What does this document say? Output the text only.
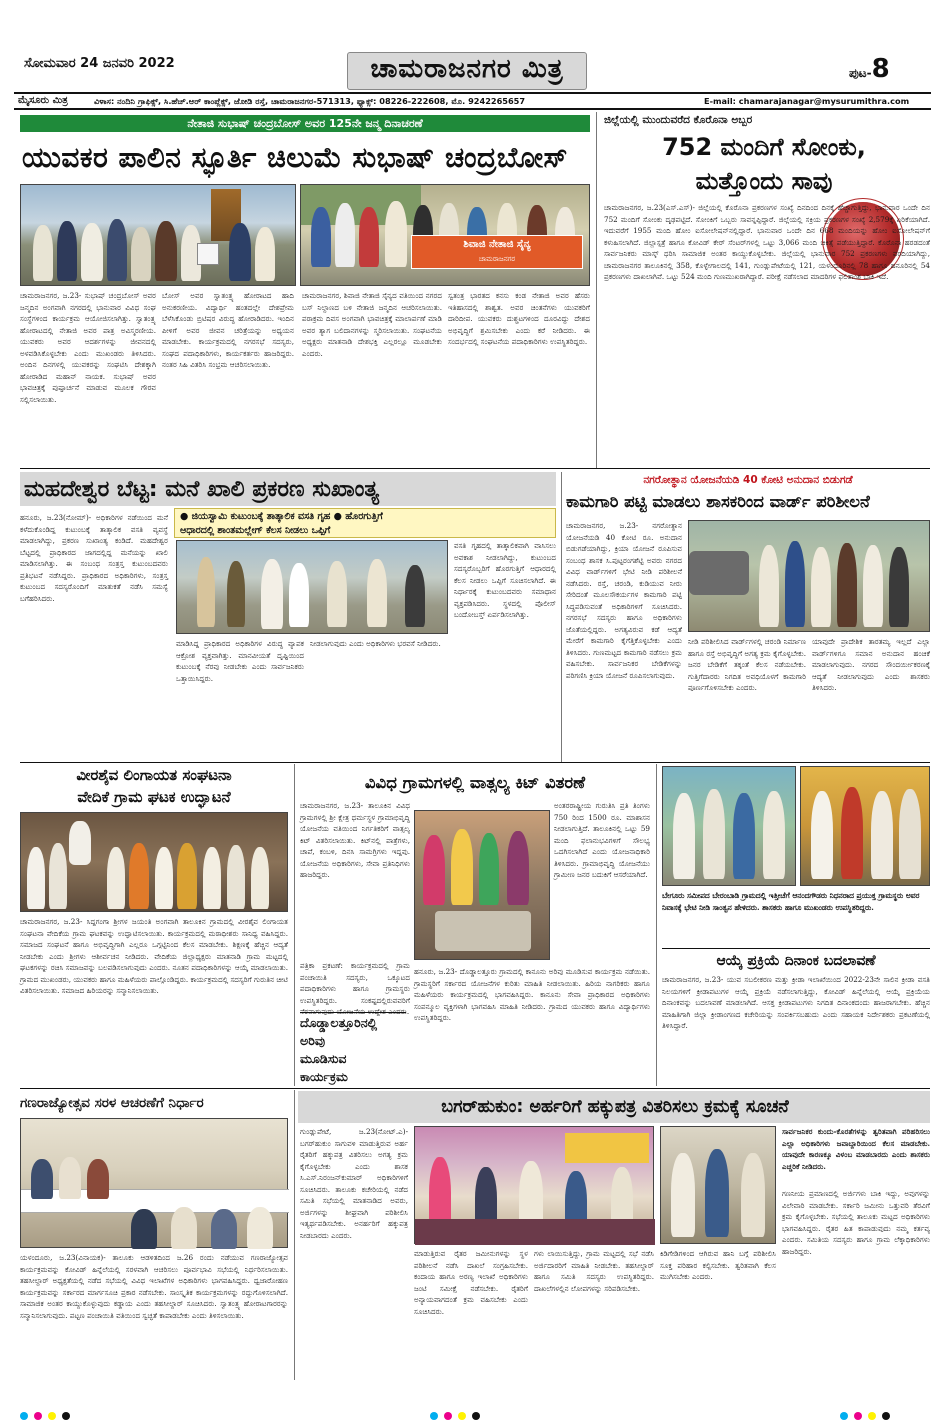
ಸೋಮವಾರ 24 ಜನವರಿ 2022	ಚಾಮರಾಜನಗರ ಮಿತ್ರ	ಪುಟ-8
ಮೈಸೂರು ಮಿತ್ರ	ವಿಳಾಸ: ನಂದಿನಿ ಗ್ರಾಫಿಕ್ಸ್, ಸಿ.ಹೆಚ್.ಆರ್ ಕಾಂಪ್ಲೆಕ್ಸ್, ಜೋಡಿ ರಸ್ತೆ, ಚಾಮರಾಜನಗರ-571313, ಫ್ಯಾಕ್ಸ್: 08226-222608, ಮೊ. 9242265657	E-mail: chamarajanagar@mysurumithra.com
ನೇತಾಜಿ ಸುಭಾಷ್ ಚಂದ್ರಬೋಸ್ ಅವರ 125ನೇ ಜನ್ಮ ದಿನಾಚರಣೆ
ಯುವಕರ ಪಾಲಿನ ಸ್ಫೂರ್ತಿ ಚಿಲುಮೆ ಸುಭಾಷ್ ಚಂದ್ರಬೋಸ್
ಶಿವಾಜಿ ನೇತಾಜಿ ಸೈನ್ಯ
ಚಾಮರಾಜನಗರ
ಚಾಮರಾಜನಗರ, ಜ.23- ಸುಭಾಷ್ ಚಂದ್ರಬೋಸ್ ಅವರ ಜನ್ಮದಿನ ಅಂಗವಾಗಿ ನಗರದಲ್ಲಿ ಭಾನುವಾರ ವಿವಿಧ ಸಂಘ ಸಂಸ್ಥೆಗಳಿಂದ ಕಾರ್ಯಕ್ರಮ ಆಯೋಜಿಸಲಾಗಿತ್ತು. ಸ್ವಾತಂತ್ರ್ಯ ಹೋರಾಟದಲ್ಲಿ ನೇತಾಜಿ ಅವರ ಪಾತ್ರ ಅವಿಸ್ಮರಣೀಯ. ಯುವಕರು ಅವರ ಆದರ್ಶಗಳನ್ನು ಜೀವನದಲ್ಲಿ ಅಳವಡಿಸಿಕೊಳ್ಳಬೇಕು ಎಂದು ಮುಖಂಡರು ತಿಳಿಸಿದರು. ಅಂದಿನ ದಿನಗಳಲ್ಲಿ ಯುವಕರನ್ನು ಸಂಘಟಿಸಿ ದೇಶಕ್ಕಾಗಿ ಹೋರಾಡಿದ ಮಹಾನ್ ನಾಯಕ. ಸುಭಾಷ್ ಅವರ ಭಾವಚಿತ್ರಕ್ಕೆ ಪುಷ್ಪಾರ್ಚನೆ ಮಾಡುವ ಮೂಲಕ ಗೌರವ ಸಲ್ಲಿಸಲಾಯಿತು.
ಬೋಸ್ ಅವರ ಸ್ವಾತಂತ್ರ್ಯ ಹೋರಾಟದ ಹಾದಿ ಅನುಕರಣೀಯ. ವಿದ್ಯಾರ್ಥಿ ಹಂತದಲ್ಲೇ ದೇಶಪ್ರೇಮ ಬೆಳೆಸಿಕೊಂಡು ಬ್ರಿಟಿಷರ ವಿರುದ್ಧ ಹೋರಾಡಿದರು. ಇಂದಿನ ಪೀಳಿಗೆ ಅವರ ಜೀವನ ಚರಿತ್ರೆಯನ್ನು ಅಧ್ಯಯನ ಮಾಡಬೇಕು. ಕಾರ್ಯಕ್ರಮದಲ್ಲಿ ನಗರಸಭೆ ಸದಸ್ಯರು, ಸಂಘದ ಪದಾಧಿಕಾರಿಗಳು, ಕಾರ್ಯಕರ್ತರು ಹಾಜರಿದ್ದರು. ನಂತರ ಸಿಹಿ ವಿತರಿಸಿ ಸಂಭ್ರಮ ಆಚರಿಸಲಾಯಿತು.
ಚಾಮರಾಜನಗರ, ಶಿವಾಜಿ ನೇತಾಜಿ ಸೈನ್ಯದ ವತಿಯಿಂದ ನಗರದ ಬಸ್ ನಿಲ್ದಾಣದ ಬಳಿ ನೇತಾಜಿ ಜನ್ಮದಿನ ಆಚರಿಸಲಾಯಿತು. ಪರಾಕ್ರಮ ದಿವಸ ಅಂಗವಾಗಿ ಭಾವಚಿತ್ರಕ್ಕೆ ಮಾಲಾರ್ಪಣೆ ಮಾಡಿ ಅವರ ತ್ಯಾಗ ಬಲಿದಾನಗಳನ್ನು ಸ್ಮರಿಸಲಾಯಿತು. ಸಂಘಟನೆಯ ಅಧ್ಯಕ್ಷರು ಮಾತನಾಡಿ ದೇಶಭಕ್ತಿ ಎಲ್ಲರಲ್ಲೂ ಮೂಡಬೇಕು ಎಂದರು.
ಸ್ವತಂತ್ರ ಭಾರತದ ಕನಸು ಕಂಡ ನೇತಾಜಿ ಅವರ ಹೆಸರು ಇತಿಹಾಸದಲ್ಲಿ ಶಾಶ್ವತ. ಅವರ ಚಿಂತನೆಗಳು ಯುವಕರಿಗೆ ದಾರಿದೀಪ. ಯುವಕರು ದುಶ್ಚಟಗಳಿಂದ ದೂರವಿದ್ದು ದೇಶದ ಅಭಿವೃದ್ಧಿಗೆ ಶ್ರಮಿಸಬೇಕು ಎಂದು ಕರೆ ನೀಡಿದರು. ಈ ಸಂದರ್ಭದಲ್ಲಿ ಸಂಘಟನೆಯ ಪದಾಧಿಕಾರಿಗಳು ಉಪಸ್ಥಿತರಿದ್ದರು.
ಜಿಲ್ಲೆಯಲ್ಲಿ ಮುಂದುವರೆದ ಕೊರೊನಾ ಅಬ್ಬರ
752 ಮಂದಿಗೆ ಸೋಂಕು,
ಮತ್ತೊಂದು ಸಾವು
ಚಾಮರಾಜನಗರ, ಜ.23(ಎಸ್.ಎಸ್)- ಜಿಲ್ಲೆಯಲ್ಲಿ ಕೊರೊನಾ ಪ್ರಕರಣಗಳ ಸಂಖ್ಯೆ ದಿನದಿಂದ ದಿನಕ್ಕೆ ಹೆಚ್ಚಾಗುತ್ತಿದ್ದು, ಭಾನುವಾರ ಒಂದೇ ದಿನ 752 ಮಂದಿಗೆ ಸೋಂಕು ದೃಢಪಟ್ಟಿದೆ. ಸೋಂಕಿಗೆ ಒಬ್ಬರು ಸಾವನ್ನಪ್ಪಿದ್ದಾರೆ. ಜಿಲ್ಲೆಯಲ್ಲಿ ಸಕ್ರಿಯ ಪ್ರಕರಣಗಳ ಸಂಖ್ಯೆ 2,579ಕ್ಕೆ ಏರಿಕೆಯಾಗಿದೆ. ಇದುವರೆಗೆ 1955 ಮಂದಿ ಹೋಂ ಐಸೋಲೇಷನ್‌ನಲ್ಲಿದ್ದಾರೆ. ಭಾನುವಾರ ಒಂದೇ ದಿನ 668 ಮಂದಿಯನ್ನು ಹೋಂ ಐಸೋಲೇಷನ್‌ಗೆ ಕಳುಹಿಸಲಾಗಿದೆ. ಜಿಲ್ಲಾಸ್ಪತ್ರೆ ಹಾಗೂ ಕೋವಿಡ್ ಕೇರ್ ಸೆಂಟರ್‌ಗಳಲ್ಲಿ ಒಟ್ಟು 3,066 ಮಂದಿ ಚಿಕಿತ್ಸೆ ಪಡೆಯುತ್ತಿದ್ದಾರೆ. ಕೊರೊನಾ ಹರಡದಂತೆ ಸಾರ್ವಜನಿಕರು ಮಾಸ್ಕ್ ಧರಿಸಿ ಸಾಮಾಜಿಕ ಅಂತರ ಕಾಯ್ದುಕೊಳ್ಳಬೇಕು. ಜಿಲ್ಲೆಯಲ್ಲಿ ಭಾನುವಾರ 752 ಪ್ರಕರಣಗಳು ವರದಿಯಾಗಿದ್ದು, ಚಾಮರಾಜನಗರ ತಾಲೂಕಿನಲ್ಲಿ 358, ಕೊಳ್ಳೇಗಾಲದಲ್ಲಿ 141, ಗುಂಡ್ಲುಪೇಟೆಯಲ್ಲಿ 121, ಯಳಂದೂರಿನಲ್ಲಿ 78 ಹಾಗೂ ಹನೂರಿನಲ್ಲಿ 54 ಪ್ರಕರಣಗಳು ದಾಖಲಾಗಿವೆ. ಒಟ್ಟು 524 ಮಂದಿ ಗುಣಮುಖರಾಗಿದ್ದಾರೆ. ಪರೀಕ್ಷೆ ನಡೆಸಲಾದ ಮಾದರಿಗಳ ಫಲಿತಾಂಶ ಬಾಕಿ ಇದೆ.
ಮಹದೇಶ್ವರ ಬೆಟ್ಟ: ಮನೆ ಖಾಲಿ ಪ್ರಕರಣ ಸುಖಾಂತ್ಯ
● ಜಿಯಸ್ವಾಮಿ ಕುಟುಂಬಕ್ಕೆ ತಾತ್ಕಾಲಿಕ ವಸತಿ ಗೃಹ ● ಹೊರಗುತ್ತಿಗೆ
ಆಧಾರದಲ್ಲಿ ಶಾಂತಮಲ್ಲೇಗ್ ಕೆಲಸ ನೀಡಲು ಒಪ್ಪಿಗೆ
ಹನೂರು, ಜ.23(ನೋಮ್)- ಅಧಿಕಾರಿಗಳ ನಡೆಯಿಂದ ಮನೆ ಕಳೆದುಕೊಂಡಿದ್ದ ಕುಟುಂಬಕ್ಕೆ ತಾತ್ಕಾಲಿಕ ವಸತಿ ವ್ಯವಸ್ಥೆ ಮಾಡಲಾಗಿದ್ದು, ಪ್ರಕರಣ ಸುಖಾಂತ್ಯ ಕಂಡಿದೆ. ಮಹದೇಶ್ವರ ಬೆಟ್ಟದಲ್ಲಿ ಪ್ರಾಧಿಕಾರದ ಜಾಗದಲ್ಲಿದ್ದ ಮನೆಯನ್ನು ಖಾಲಿ ಮಾಡಿಸಲಾಗಿತ್ತು. ಈ ಸಂಬಂಧ ಸಂತ್ರಸ್ತ ಕುಟುಂಬದವರು ಪ್ರತಿಭಟನೆ ನಡೆಸಿದ್ದರು. ಪ್ರಾಧಿಕಾರದ ಅಧಿಕಾರಿಗಳು, ಸಂತ್ರಸ್ತ ಕುಟುಂಬದ ಸದಸ್ಯರೊಂದಿಗೆ ಮಾತುಕತೆ ನಡೆಸಿ ಸಮಸ್ಯೆ ಬಗೆಹರಿಸಿದರು.
ಮಾಡಿಸಿದ್ದ ಪ್ರಾಧಿಕಾರದ ಅಧಿಕಾರಿಗಳ ವಿರುದ್ಧ ವ್ಯಾಪಕ ಆಕ್ರೋಶ ವ್ಯಕ್ತವಾಗಿತ್ತು. ಮಾನವೀಯತೆ ದೃಷ್ಟಿಯಿಂದ ಕುಟುಂಬಕ್ಕೆ ನೆರವು ನೀಡಬೇಕು ಎಂದು ಸಾರ್ವಜನಿಕರು ಒತ್ತಾಯಿಸಿದ್ದರು.
ನೀಡಲಾಗುವುದು ಎಂದು ಅಧಿಕಾರಿಗಳು ಭರವಸೆ ನೀಡಿದರು.
ವಸತಿ ಗೃಹದಲ್ಲಿ ತಾತ್ಕಾಲಿಕವಾಗಿ ವಾಸಿಸಲು ಅವಕಾಶ ನೀಡಲಾಗಿದ್ದು, ಕುಟುಂಬದ ಸದಸ್ಯರೊಬ್ಬರಿಗೆ ಹೊರಗುತ್ತಿಗೆ ಆಧಾರದಲ್ಲಿ ಕೆಲಸ ನೀಡಲು ಒಪ್ಪಿಗೆ ಸೂಚಿಸಲಾಗಿದೆ. ಈ ನಿರ್ಧಾರಕ್ಕೆ ಕುಟುಂಬದವರು ಸಮಾಧಾನ ವ್ಯಕ್ತಪಡಿಸಿದರು. ಸ್ಥಳದಲ್ಲಿ ಪೊಲೀಸ್ ಬಂದೋಬಸ್ತ್ ಏರ್ಪಡಿಸಲಾಗಿತ್ತು.
ನಗರೋತ್ಥಾನ ಯೋಜನೆಯಡಿ 40 ಕೋಟಿ ಅನುದಾನ ಬಿಡುಗಡೆ
ಕಾಮಗಾರಿ ಪಟ್ಟಿ ಮಾಡಲು ಶಾಸಕರಿಂದ ವಾರ್ಡ್ ಪರಿಶೀಲನೆ
ಚಾಮರಾಜನಗರ, ಜ.23- ನಗರೋತ್ಥಾನ ಯೋಜನೆಯಡಿ 40 ಕೋಟಿ ರೂ. ಅನುದಾನ ಬಿಡುಗಡೆಯಾಗಿದ್ದು, ಕ್ರಿಯಾ ಯೋಜನೆ ರೂಪಿಸುವ ಸಂಬಂಧ ಶಾಸಕ ಸಿ.ಪುಟ್ಟರಂಗಶೆಟ್ಟಿ ಅವರು ನಗರದ ವಿವಿಧ ವಾರ್ಡ್‌ಗಳಿಗೆ ಭೇಟಿ ನೀಡಿ ಪರಿಶೀಲನೆ ನಡೆಸಿದರು. ರಸ್ತೆ, ಚರಂಡಿ, ಕುಡಿಯುವ ನೀರು ಸೇರಿದಂತೆ ಮೂಲಸೌಕರ್ಯಗಳ ಕಾಮಗಾರಿ ಪಟ್ಟಿ ಸಿದ್ಧಪಡಿಸುವಂತೆ ಅಧಿಕಾರಿಗಳಿಗೆ ಸೂಚಿಸಿದರು. ನಗರಸಭೆ ಸದಸ್ಯರು ಹಾಗೂ ಅಧಿಕಾರಿಗಳು ಜೊತೆಯಲ್ಲಿದ್ದರು. ಅಗತ್ಯವಿರುವ ಕಡೆ ಆದ್ಯತೆ ಮೇರೆಗೆ ಕಾಮಗಾರಿ ಕೈಗೆತ್ತಿಕೊಳ್ಳಬೇಕು ಎಂದು ತಿಳಿಸಿದರು. ಗುಣಮಟ್ಟದ ಕಾಮಗಾರಿ ನಡೆಸಲು ಕ್ರಮ ವಹಿಸಬೇಕು. ಸಾರ್ವಜನಿಕರ ಬೇಡಿಕೆಗಳನ್ನು ಪರಿಗಣಿಸಿ ಕ್ರಿಯಾ ಯೋಜನೆ ರೂಪಿಸಲಾಗುವುದು.
ನೀಡಿ ಪರಿಶೀಲಿಸಿದ ವಾರ್ಡ್‌ಗಳಲ್ಲಿ ಚರಂಡಿ ನಿರ್ಮಾಣ ಹಾಗೂ ರಸ್ತೆ ಅಭಿವೃದ್ಧಿಗೆ ಅಗತ್ಯ ಕ್ರಮ ಕೈಗೊಳ್ಳಬೇಕು. ಜನರ ಬೇಡಿಕೆಗೆ ತಕ್ಕಂತೆ ಕೆಲಸ ನಡೆಯಬೇಕು. ಗುತ್ತಿಗೆದಾರರು ನಿಗದಿತ ಅವಧಿಯೊಳಗೆ ಕಾಮಗಾರಿ ಪೂರ್ಣಗೊಳಿಸಬೇಕು ಎಂದರು.
ಯಾವುದೇ ಪ್ರಾದೇಶಿಕ ತಾರತಮ್ಯ ಇಲ್ಲದೆ ಎಲ್ಲಾ ವಾರ್ಡ್‌ಗಳಿಗೂ ಸಮಾನ ಅನುದಾನ ಹಂಚಿಕೆ ಮಾಡಲಾಗುವುದು. ನಗರದ ಸೌಂದರ್ಯೀಕರಣಕ್ಕೆ ಆದ್ಯತೆ ನೀಡಲಾಗುವುದು ಎಂದು ಶಾಸಕರು ತಿಳಿಸಿದರು.
ವೀರಶೈವ ಲಿಂಗಾಯತ ಸಂಘಟನಾ
ವೇದಿಕೆ ಗ್ರಾಮ ಘಟಕ ಉದ್ಘಾಟನೆ
ಚಾಮರಾಜನಗರ, ಜ.23- ಸಿದ್ದಗಂಗಾ ಶ್ರೀಗಳ ಜಯಂತಿ ಅಂಗವಾಗಿ ತಾಲೂಕಿನ ಗ್ರಾಮದಲ್ಲಿ ವೀರಶೈವ ಲಿಂಗಾಯತ ಸಂಘಟನಾ ವೇದಿಕೆಯ ಗ್ರಾಮ ಘಟಕವನ್ನು ಉದ್ಘಾಟಿಸಲಾಯಿತು. ಕಾರ್ಯಕ್ರಮದಲ್ಲಿ ಮಠಾಧೀಶರು ಸಾನಿಧ್ಯ ವಹಿಸಿದ್ದರು. ಸಮಾಜದ ಸಂಘಟನೆ ಹಾಗೂ ಅಭಿವೃದ್ಧಿಗಾಗಿ ಎಲ್ಲರೂ ಒಗ್ಗಟ್ಟಿನಿಂದ ಕೆಲಸ ಮಾಡಬೇಕು. ಶಿಕ್ಷಣಕ್ಕೆ ಹೆಚ್ಚಿನ ಆದ್ಯತೆ ನೀಡಬೇಕು ಎಂದು ಶ್ರೀಗಳು ಆಶೀರ್ವಚನ ನೀಡಿದರು. ವೇದಿಕೆಯ ಜಿಲ್ಲಾಧ್ಯಕ್ಷರು ಮಾತನಾಡಿ ಗ್ರಾಮ ಮಟ್ಟದಲ್ಲಿ ಘಟಕಗಳನ್ನು ರಚಿಸಿ ಸಮಾಜವನ್ನು ಬಲಪಡಿಸಲಾಗುವುದು ಎಂದರು. ನೂತನ ಪದಾಧಿಕಾರಿಗಳನ್ನು ಆಯ್ಕೆ ಮಾಡಲಾಯಿತು. ಗ್ರಾಮದ ಮುಖಂಡರು, ಯುವಕರು ಹಾಗೂ ಮಹಿಳೆಯರು ಪಾಲ್ಗೊಂಡಿದ್ದರು. ಕಾರ್ಯಕ್ರಮದಲ್ಲಿ ಸದಸ್ಯರಿಗೆ ಗುರುತಿನ ಚೀಟಿ ವಿತರಿಸಲಾಯಿತು. ಸಮಾಜದ ಹಿರಿಯರನ್ನು ಸನ್ಮಾನಿಸಲಾಯಿತು.
ವಿವಿಧ ಗ್ರಾಮಗಳಲ್ಲಿ ವಾತ್ಸಲ್ಯ ಕಿಟ್ ವಿತರಣೆ
ಚಾಮರಾಜನಗರ, ಜ.23- ತಾಲೂಕಿನ ವಿವಿಧ ಗ್ರಾಮಗಳಲ್ಲಿ ಶ್ರೀ ಕ್ಷೇತ್ರ ಧರ್ಮಸ್ಥಳ ಗ್ರಾಮಾಭಿವೃದ್ಧಿ ಯೋಜನೆಯ ವತಿಯಿಂದ ನಿರ್ಗತಿಕರಿಗೆ ವಾತ್ಸಲ್ಯ ಕಿಟ್ ವಿತರಿಸಲಾಯಿತು. ಕಿಟ್‌ನಲ್ಲಿ ಪಾತ್ರೆಗಳು, ಚಾಪೆ, ಕಂಬಳಿ, ದಿನಸಿ ಸಾಮಗ್ರಿಗಳು ಇದ್ದವು. ಯೋಜನೆಯ ಅಧಿಕಾರಿಗಳು, ಸೇವಾ ಪ್ರತಿನಿಧಿಗಳು ಹಾಜರಿದ್ದರು.
ಅಂತರರಾಷ್ಟ್ರೀಯ ಗುರುತಿಸಿ ಪ್ರತಿ ತಿಂಗಳು 750 ರಿಂದ 1500 ರೂ. ಮಾಶಾಸನ ನೀಡಲಾಗುತ್ತಿದೆ. ತಾಲೂಕಿನಲ್ಲಿ ಒಟ್ಟು 59 ಮಂದಿ ಫಲಾನುಭವಿಗಳಿಗೆ ಸೌಲಭ್ಯ ಒದಗಿಸಲಾಗಿದೆ ಎಂದು ಯೋಜನಾಧಿಕಾರಿ ತಿಳಿಸಿದರು. ಗ್ರಾಮಾಭಿವೃದ್ಧಿ ಯೋಜನೆಯು ಗ್ರಾಮೀಣ ಜನರ ಬದುಕಿಗೆ ಆಸರೆಯಾಗಿದೆ.
ಪತ್ರಿಕಾ ಪ್ರಕಟಣೆ: ಕಾರ್ಯಕ್ರಮದಲ್ಲಿ ಗ್ರಾಮ ಪಂಚಾಯಿತಿ ಸದಸ್ಯರು, ಒಕ್ಕೂಟದ ಪದಾಧಿಕಾರಿಗಳು ಹಾಗೂ ಗ್ರಾಮಸ್ಥರು ಉಪಸ್ಥಿತರಿದ್ದರು. ಸಂಕಷ್ಟದಲ್ಲಿರುವವರಿಗೆ ನೆರವಾಗುವುದು ಯೋಜನೆಯ ಉದ್ದೇಶ ಎಂದರು.
ದೊಡ್ಡಾಲತ್ತೂರಿನಲ್ಲಿ
ಅರಿವು
ಮೂಡಿಸುವ
ಕಾರ್ಯಕ್ರಮ
ಹನೂರು, ಜ.23- ದೊಡ್ಡಾಲತ್ತೂರು ಗ್ರಾಮದಲ್ಲಿ ಕಾನೂನು ಅರಿವು ಮೂಡಿಸುವ ಕಾರ್ಯಕ್ರಮ ನಡೆಯಿತು. ಗ್ರಾಮಸ್ಥರಿಗೆ ಸರ್ಕಾರದ ಯೋಜನೆಗಳ ಕುರಿತು ಮಾಹಿತಿ ನೀಡಲಾಯಿತು. ಹಿರಿಯ ನಾಗರಿಕರು ಹಾಗೂ ಮಹಿಳೆಯರು ಕಾರ್ಯಕ್ರಮದಲ್ಲಿ ಭಾಗವಹಿಸಿದ್ದರು. ಕಾನೂನು ಸೇವಾ ಪ್ರಾಧಿಕಾರದ ಅಧಿಕಾರಿಗಳು ಸಂಪನ್ಮೂಲ ವ್ಯಕ್ತಿಗಳಾಗಿ ಭಾಗವಹಿಸಿ ಮಾಹಿತಿ ನೀಡಿದರು. ಗ್ರಾಮದ ಯುವಕರು ಹಾಗೂ ವಿದ್ಯಾರ್ಥಿಗಳು ಉಪಸ್ಥಿತರಿದ್ದರು.
ಬೇಗೂರು ಸಮೀಪದ ಬೇರಂಬಾಡಿ ಗ್ರಾಮದಲ್ಲಿ ಇತ್ತೀಚೆಗೆ ಆನಂದಗೌಡರು ನಿಧನರಾದ ಪ್ರಯುಕ್ತ ಗ್ರಾಮಸ್ಥರು ಅವರ ನಿವಾಸಕ್ಕೆ ಭೇಟಿ ನೀಡಿ ಸಾಂತ್ವನ ಹೇಳಿದರು. ಶಾಸಕರು ಹಾಗೂ ಮುಖಂಡರು ಉಪಸ್ಥಿತರಿದ್ದರು.
ಆಯ್ಕೆ ಪ್ರಕ್ರಿಯೆ ದಿನಾಂಕ ಬದಲಾವಣೆ
ಚಾಮರಾಜನಗರ, ಜ.23- ಯುವ ಸಬಲೀಕರಣ ಮತ್ತು ಕ್ರೀಡಾ ಇಲಾಖೆಯಿಂದ 2022-23ನೇ ಸಾಲಿನ ಕ್ರೀಡಾ ವಸತಿ ನಿಲಯಗಳಿಗೆ ಕ್ರೀಡಾಪಟುಗಳ ಆಯ್ಕೆ ಪ್ರಕ್ರಿಯೆ ನಡೆಸಲಾಗುತ್ತಿದ್ದು, ಕೋವಿಡ್ ಹಿನ್ನೆಲೆಯಲ್ಲಿ ಆಯ್ಕೆ ಪ್ರಕ್ರಿಯೆಯ ದಿನಾಂಕವನ್ನು ಬದಲಾವಣೆ ಮಾಡಲಾಗಿದೆ. ಆಸಕ್ತ ಕ್ರೀಡಾಪಟುಗಳು ನಿಗದಿತ ದಿನಾಂಕದಂದು ಹಾಜರಾಗಬೇಕು. ಹೆಚ್ಚಿನ ಮಾಹಿತಿಗಾಗಿ ಜಿಲ್ಲಾ ಕ್ರೀಡಾಂಗಣದ ಕಚೇರಿಯನ್ನು ಸಂಪರ್ಕಿಸಬಹುದು ಎಂದು ಸಹಾಯಕ ನಿರ್ದೇಶಕರು ಪ್ರಕಟಣೆಯಲ್ಲಿ ತಿಳಿಸಿದ್ದಾರೆ.
ಗಣರಾಜ್ಯೋತ್ಸವ ಸರಳ ಆಚರಣೆಗೆ ನಿರ್ಧಾರ
ಯಳಂದೂರು, ಜ.23(ವಿನಾಯಕ)- ತಾಲೂಕು ಆಡಳಿತದಿಂದ ಜ.26 ರಂದು ನಡೆಯುವ ಗಣರಾಜ್ಯೋತ್ಸವ ಕಾರ್ಯಕ್ರಮವನ್ನು ಕೋವಿಡ್ ಹಿನ್ನೆಲೆಯಲ್ಲಿ ಸರಳವಾಗಿ ಆಚರಿಸಲು ಪೂರ್ವಭಾವಿ ಸಭೆಯಲ್ಲಿ ನಿರ್ಧರಿಸಲಾಯಿತು. ತಹಸೀಲ್ದಾರ್ ಅಧ್ಯಕ್ಷತೆಯಲ್ಲಿ ನಡೆದ ಸಭೆಯಲ್ಲಿ ವಿವಿಧ ಇಲಾಖೆಗಳ ಅಧಿಕಾರಿಗಳು ಭಾಗವಹಿಸಿದ್ದರು. ಧ್ವಜಾರೋಹಣ ಕಾರ್ಯಕ್ರಮವನ್ನು ಸರ್ಕಾರದ ಮಾರ್ಗಸೂಚಿ ಪ್ರಕಾರ ನಡೆಸಬೇಕು. ಸಾಂಸ್ಕೃತಿಕ ಕಾರ್ಯಕ್ರಮಗಳನ್ನು ರದ್ದುಗೊಳಿಸಲಾಗಿದೆ. ಸಾಮಾಜಿಕ ಅಂತರ ಕಾಯ್ದುಕೊಳ್ಳುವುದು ಕಡ್ಡಾಯ ಎಂದು ತಹಸೀಲ್ದಾರ್ ಸೂಚಿಸಿದರು. ಸ್ವಾತಂತ್ರ್ಯ ಹೋರಾಟಗಾರರನ್ನು ಸನ್ಮಾನಿಸಲಾಗುವುದು. ಪಟ್ಟಣ ಪಂಚಾಯಿತಿ ವತಿಯಿಂದ ಸ್ವಚ್ಛತೆ ಕಾಪಾಡಬೇಕು ಎಂದು ತಿಳಿಸಲಾಯಿತು.
ಬಗರ್‌ಹುಕುಂ: ಅರ್ಹರಿಗೆ ಹಕ್ಕುಪತ್ರ ವಿತರಿಸಲು ಕ್ರಮಕ್ಕೆ ಸೂಚನೆ
ಗುಂಡ್ಲುಪೇಟೆ, ಜ.23(ನೋಟ್.ಎ)- ಬಗರ್‌ಹುಕುಂ ಸಾಗುವಳಿ ಮಾಡುತ್ತಿರುವ ಅರ್ಹ ರೈತರಿಗೆ ಹಕ್ಕುಪತ್ರ ವಿತರಿಸಲು ಅಗತ್ಯ ಕ್ರಮ ಕೈಗೊಳ್ಳಬೇಕು ಎಂದು ಶಾಸಕ ಸಿ.ಎಸ್.ನಿರಂಜನ್‌ಕುಮಾರ್ ಅಧಿಕಾರಿಗಳಿಗೆ ಸೂಚಿಸಿದರು. ತಾಲೂಕು ಕಚೇರಿಯಲ್ಲಿ ನಡೆದ ಸಮಿತಿ ಸಭೆಯಲ್ಲಿ ಮಾತನಾಡಿದ ಅವರು, ಅರ್ಜಿಗಳನ್ನು ಶೀಘ್ರವಾಗಿ ಪರಿಶೀಲಿಸಿ ಇತ್ಯರ್ಥಪಡಿಸಬೇಕು. ಅನರ್ಹರಿಗೆ ಹಕ್ಕುಪತ್ರ ನೀಡಬಾರದು ಎಂದರು.
ಮಾಡುತ್ತಿರುವ ರೈತರ ಜಮೀನುಗಳನ್ನು ಸ್ಥಳ ಪರಿಶೀಲನೆ ನಡೆಸಿ ದಾಖಲೆ ಸಂಗ್ರಹಿಸಬೇಕು. ಕಂದಾಯ ಹಾಗೂ ಅರಣ್ಯ ಇಲಾಖೆ ಅಧಿಕಾರಿಗಳು ಜಂಟಿ ಸಮೀಕ್ಷೆ ನಡೆಸಬೇಕು. ರೈತರಿಗೆ ಅನ್ಯಾಯವಾಗದಂತೆ ಕ್ರಮ ವಹಿಸಬೇಕು ಎಂದು ಸೂಚಿಸಿದರು.
ಗಳು ಲಾಯಿಸುತ್ತಿದ್ದು, ಗ್ರಾಮ ಮಟ್ಟದಲ್ಲಿ ಸಭೆ ನಡೆಸಿ ಅರ್ಜಿದಾರರಿಗೆ ಮಾಹಿತಿ ನೀಡಬೇಕು. ತಹಸೀಲ್ದಾರ್ ಹಾಗೂ ಸಮಿತಿ ಸದಸ್ಯರು ಉಪಸ್ಥಿತರಿದ್ದರು. ದಾಖಲೆಗಳಲ್ಲಿನ ಲೋಪಗಳನ್ನು ಸರಿಪಡಿಸಬೇಕು.
ಕಿಡಿಗೇಡಿಗಳಿಂದ ಆಗಿರುವ ಹಾನಿ ಬಗ್ಗೆ ಪರಿಶೀಲಿಸಿ ಸೂಕ್ತ ಪರಿಹಾರ ಕಲ್ಪಿಸಬೇಕು. ತ್ವರಿತವಾಗಿ ಕೆಲಸ ಮುಗಿಸಬೇಕು ಎಂದರು.
ಸಾರ್ವಜನಿಕರ ಕುಂದು-ಕೊರತೆಗಳನ್ನು ತ್ವರಿತವಾಗಿ ಪರಿಹರಿಸಲು ಎಲ್ಲಾ ಅಧಿಕಾರಿಗಳು ಜವಾಬ್ದಾರಿಯಿಂದ ಕೆಲಸ ಮಾಡಬೇಕು. ಯಾವುದೇ ಕಾರಣಕ್ಕೂ ವಿಳಂಬ ಮಾಡಬಾರದು ಎಂದು ಶಾಸಕರು ಎಚ್ಚರಿಕೆ ನೀಡಿದರು.
ಗಣನೀಯ ಪ್ರಮಾಣದಲ್ಲಿ ಅರ್ಜಿಗಳು ಬಾಕಿ ಇದ್ದು, ಅವುಗಳನ್ನು ವಿಲೇವಾರಿ ಮಾಡಬೇಕು. ಸರ್ಕಾರಿ ಜಮೀನು ಒತ್ತುವರಿ ತೆರವಿಗೆ ಕ್ರಮ ಕೈಗೊಳ್ಳಬೇಕು. ಸಭೆಯಲ್ಲಿ ತಾಲೂಕು ಮಟ್ಟದ ಅಧಿಕಾರಿಗಳು ಭಾಗವಹಿಸಿದ್ದರು. ರೈತರ ಹಿತ ಕಾಪಾಡುವುದು ನಮ್ಮ ಕರ್ತವ್ಯ ಎಂದರು. ಸಮಿತಿಯ ಸದಸ್ಯರು ಹಾಗೂ ಗ್ರಾಮ ಲೆಕ್ಕಾಧಿಕಾರಿಗಳು ಹಾಜರಿದ್ದರು.
